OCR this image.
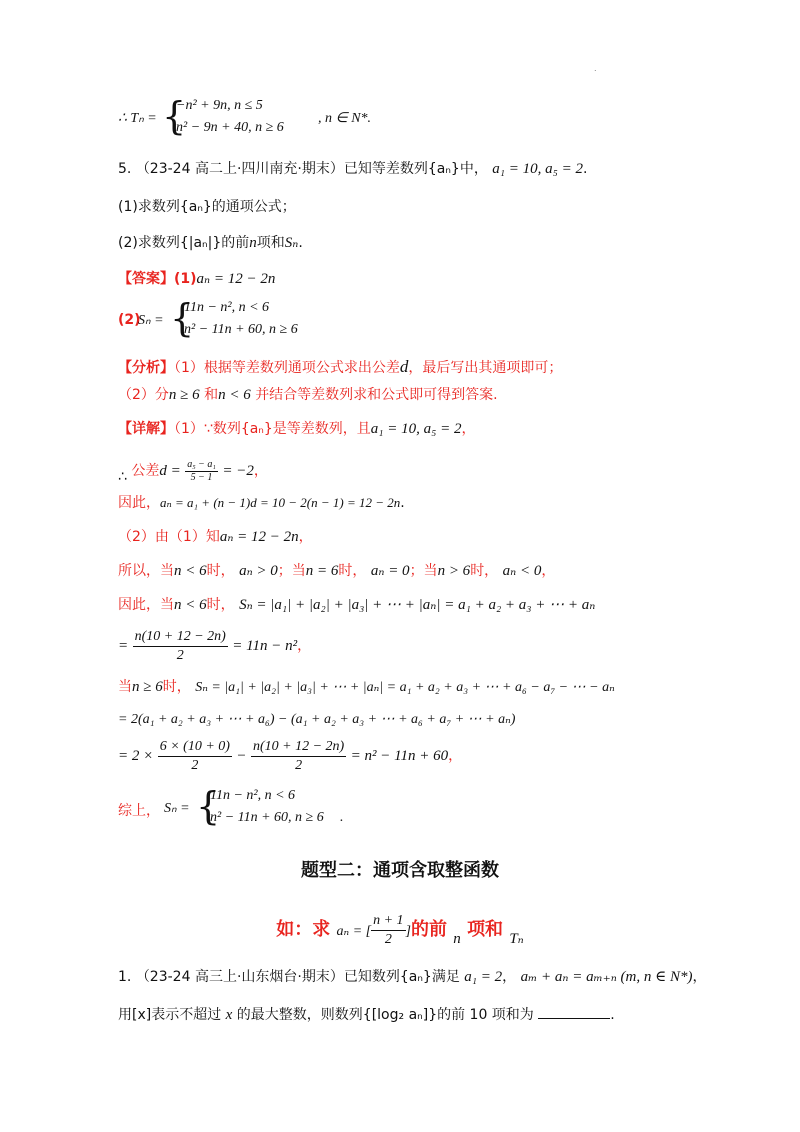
.
∴ Tₙ = {
−n² + 9n, n ≤ 5
n² − 9n + 40, n ≥ 6
, n ∈ N*.
5. （23-24 高二上·四川南充·期末）已知等差数列{aₙ}中， a₁ = 10, a₅ = 2.
(1)求数列{aₙ}的通项公式；
(2)求数列{|aₙ|}的前n项和Sₙ.
【答案】(1)aₙ = 12 − 2n
(2)
Sₙ = {
11n − n², n < 6
n² − 11n + 60, n ≥ 6
【分析】（1）根据等差数列通项公式求出公差d，最后写出其通项即可；
（2）分n ≥ 6 和n < 6 并结合等差数列求和公式即可得到答案.
【详解】（1）∵数列{aₙ}是等差数列，且a₁ = 10, a₅ = 2，
∴ 公差$d = \frac{\text{a₅ − a₁}}{5 - 1} = -2$，
因此，aₙ = a₁ + (n − 1)d = 10 − 2(n − 1) = 12 − 2n.
（2）由（1）知aₙ = 12 − 2n，
所以，当n < 6时， aₙ > 0；当n = 6时， aₙ = 0；当n > 6时， aₙ < 0，
因此，当n < 6时， Sₙ = |a₁| + |a₂| + |a₃| + ⋯ + |aₙ| = a₁ + a₂ + a₃ + ⋯ + aₙ
= $\frac{n(10 + 12 - 2n)}{2} = 11n - n^2$，
当n ≥ 6时， Sₙ = |a₁| + |a₂| + |a₃| + ⋯ + |aₙ| = a₁ + a₂ + a₃ + ⋯ + a₆ − a₇ − ⋯ − aₙ
= 2(a₁ + a₂ + a₃ + ⋯ + a₆) − (a₁ + a₂ + a₃ + ⋯ + a₆ + a₇ + ⋯ + aₙ)
= $2 \times \frac{6 \times (10 + 0)}{2} - \frac{n(10 + 12 - 2n)}{2} = n^2 - 11n + 60$，
综上， Sₙ = {
11n − n², n < 6
n² − 11n + 60, n ≥ 6 .
题型二：通项含取整函数
如：求 aₙ = [ $\frac{n + 1}{2}$ ]的前 $_n$ 项和 $_{T_n}$
1. （23-24 高三上·山东烟台·期末）已知数列{aₙ}满足 a₁ = 2， aₘ + aₙ = aₘ₊ₙ (m, n ∈ N*)，
用[x]表示不超过 x 的最大整数，则数列{[log₂ aₙ]}的前 10 项和为	.
